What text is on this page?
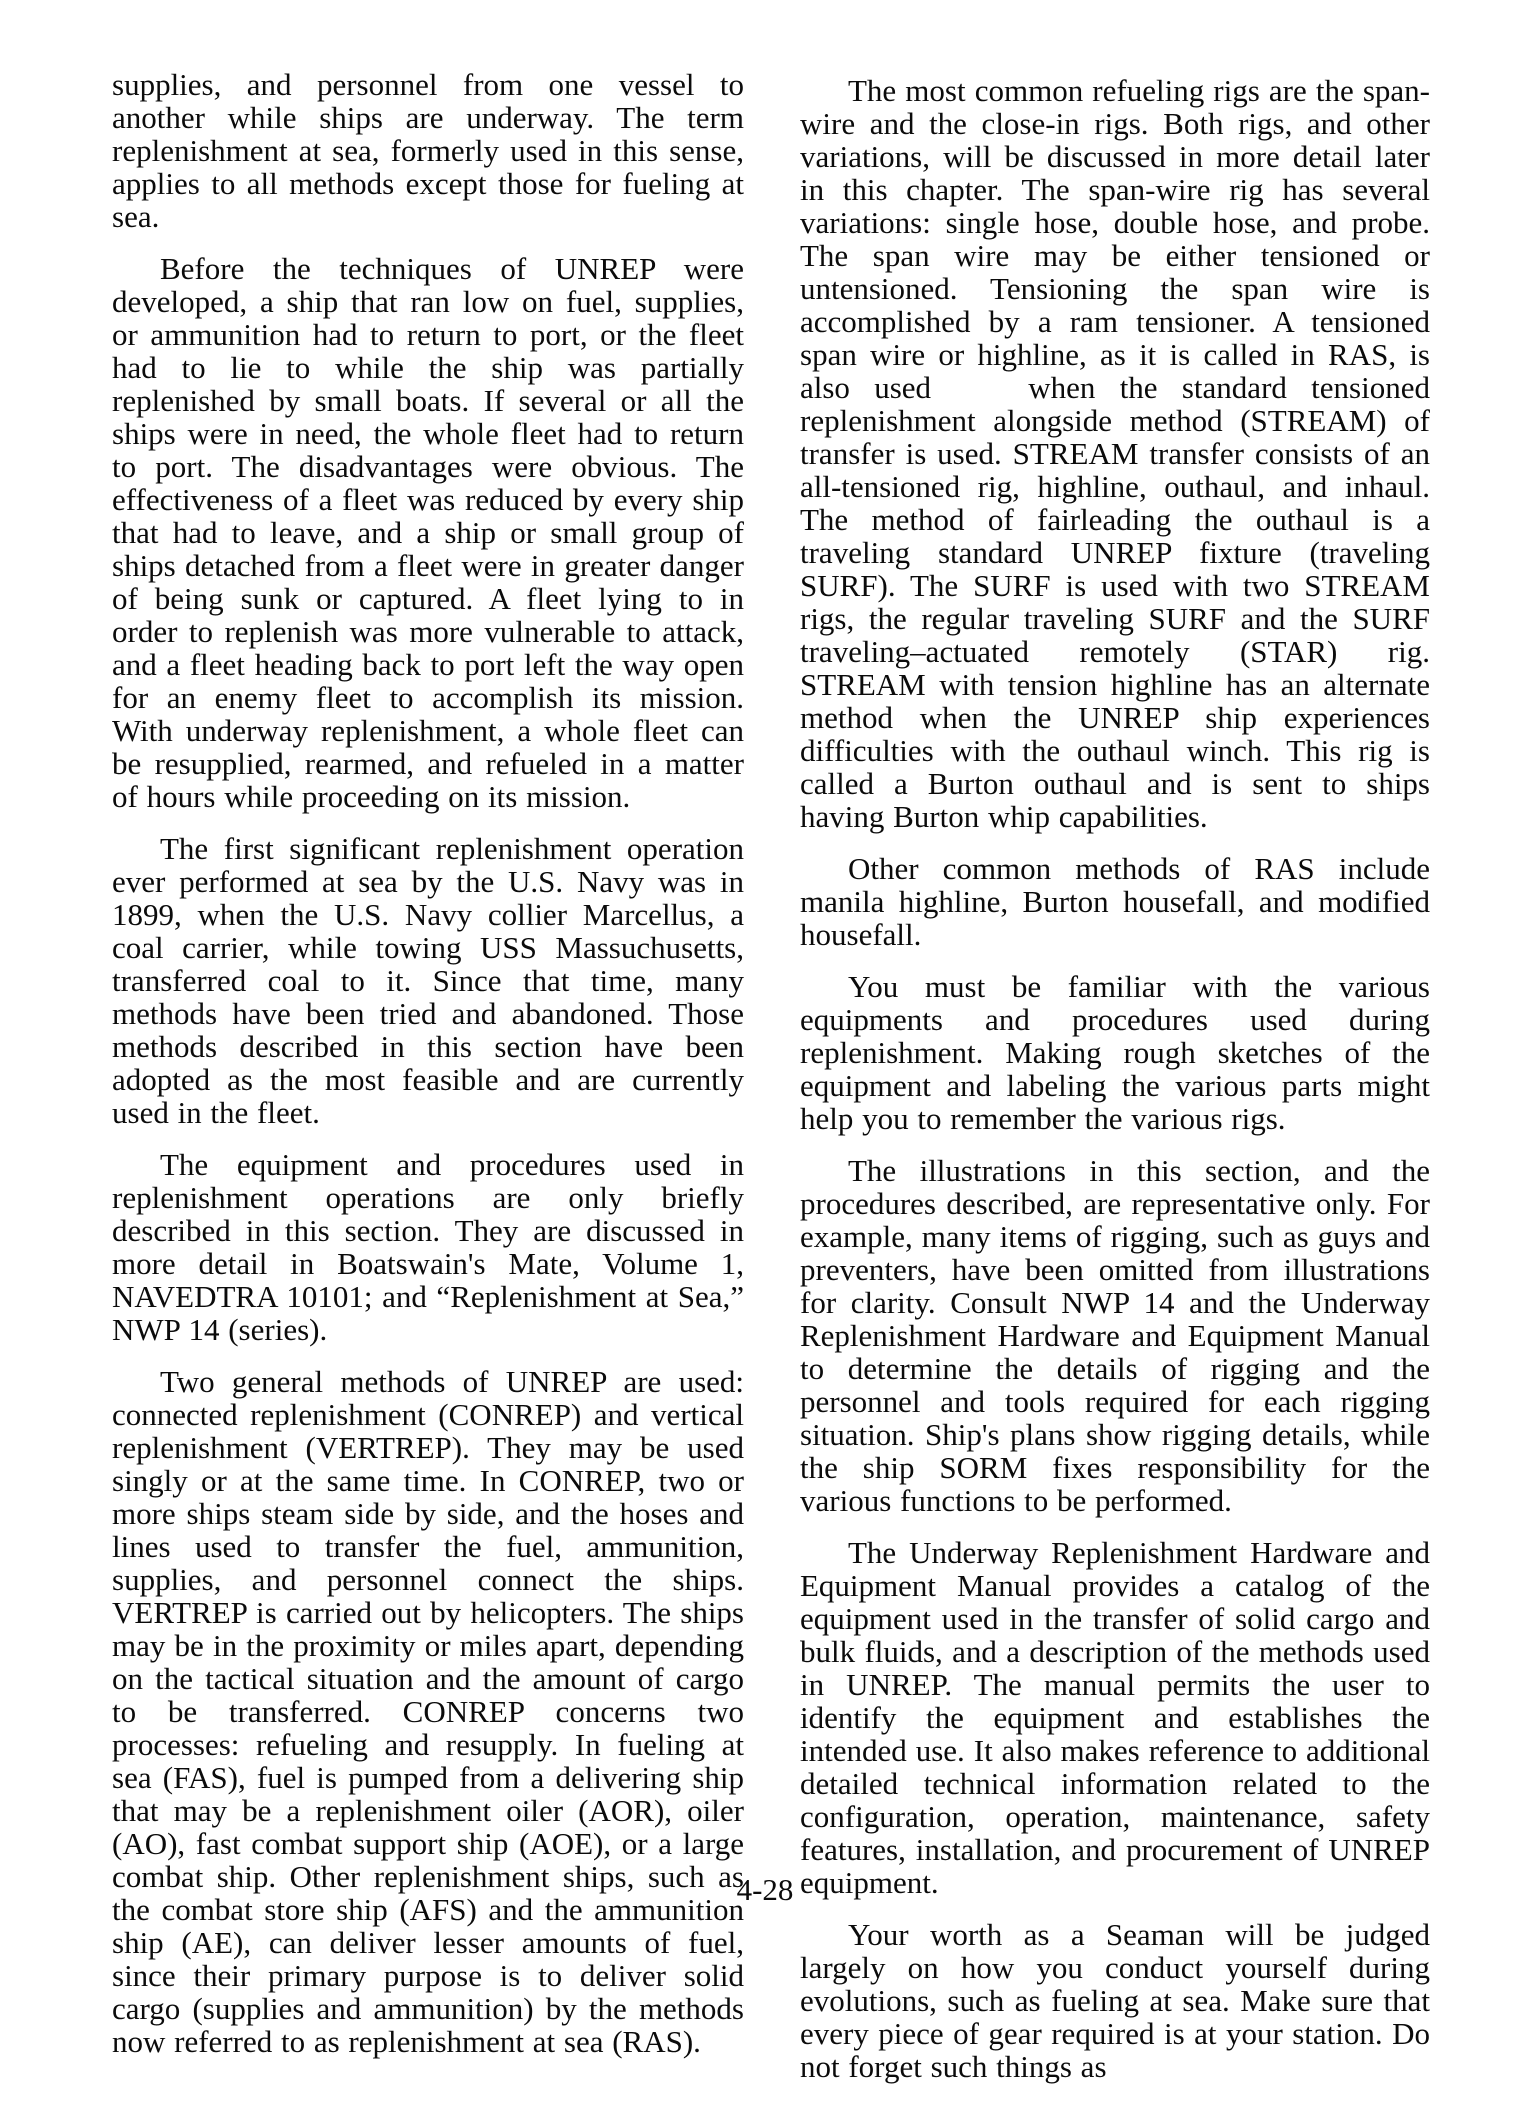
supplies, and personnel from one vessel to another while ships are underway. The term replenishment at sea, formerly used in this sense, applies to all methods except those for fueling at sea.

Before the techniques of UNREP were developed, a ship that ran low on fuel, supplies, or ammunition had to return to port, or the fleet had to lie to while the ship was partially replenished by small boats. If several or all the ships were in need, the whole fleet had to return to port. The disadvantages were obvious. The effectiveness of a fleet was reduced by every ship that had to leave, and a ship or small group of ships detached from a fleet were in greater danger of being sunk or captured. A fleet lying to in order to replenish was more vulnerable to attack, and a fleet heading back to port left the way open for an enemy fleet to accomplish its mission. With underway replenishment, a whole fleet can be resupplied, rearmed, and refueled in a matter of hours while proceeding on its mission.

The first significant replenishment operation ever performed at sea by the U.S. Navy was in 1899, when the U.S. Navy collier Marcellus, a coal carrier, while towing USS Massuchusetts, transferred coal to it. Since that time, many methods have been tried and abandoned. Those methods described in this section have been adopted as the most feasible and are currently used in the fleet.

The equipment and procedures used in replenishment operations are only briefly described in this section. They are discussed in more detail in Boatswain's Mate, Volume 1, NAVEDTRA 10101; and “Replenishment at Sea,” NWP 14 (series).

Two general methods of UNREP are used: connected replenishment (CONREP) and vertical replenishment (VERTREP). They may be used singly or at the same time. In CONREP, two or more ships steam side by side, and the hoses and lines used to transfer the fuel, ammunition, supplies, and personnel connect the ships. VERTREP is carried out by helicopters. The ships may be in the proximity or miles apart, depending on the tactical situation and the amount of cargo to be transferred. CONREP concerns two processes: refueling and resupply. In fueling at sea (FAS), fuel is pumped from a delivering ship that may be a replenishment oiler (AOR), oiler (AO), fast combat support ship (AOE), or a large combat ship. Other replenishment ships, such as the combat store ship (AFS) and the ammunition ship (AE), can deliver lesser amounts of fuel, since their primary purpose is to deliver solid cargo (supplies and ammunition) by the methods now referred to as replenishment at sea (RAS).

The most common refueling rigs are the span-wire and the close-in rigs. Both rigs, and other variations, will be discussed in more detail later in this chapter. The span-wire rig has several variations: single hose, double hose, and probe. The span wire may be either tensioned or untensioned. Tensioning the span wire is accomplished by a ram tensioner. A tensioned span wire or highline, as it is called in RAS, is also used    when the standard tensioned replenishment alongside method (STREAM) of transfer is used. STREAM transfer consists of an all-tensioned rig, highline, outhaul, and inhaul. The method of fairleading the outhaul is a traveling standard UNREP fixture (traveling SURF). The SURF is used with two STREAM rigs, the regular traveling SURF and the SURF traveling–actuated remotely (STAR) rig. STREAM with tension highline has an alternate method when the UNREP ship experiences difficulties with the outhaul winch. This rig is called a Burton outhaul and is sent to ships having Burton whip capabilities.

Other common methods of RAS include manila highline, Burton housefall, and modified housefall.

You must be familiar with the various equipments and procedures used during replenishment. Making rough sketches of the equipment and labeling the various parts might help you to remember the various rigs.

The illustrations in this section, and the procedures described, are representative only. For example, many items of rigging, such as guys and preventers, have been omitted from illustrations for clarity. Consult NWP 14 and the Underway Replenishment Hardware and Equipment Manual to determine the details of rigging and the personnel and tools required for each rigging situation. Ship's plans show rigging details, while the ship SORM fixes responsibility for the various functions to be performed.

The Underway Replenishment Hardware and Equipment Manual provides a catalog of the equipment used in the transfer of solid cargo and bulk fluids, and a description of the methods used in UNREP. The manual permits the user to identify the equipment and establishes the intended use. It also makes reference to additional detailed technical information related to the configuration, operation, maintenance, safety features, installation, and procurement of UNREP equipment.

Your worth as a Seaman will be judged largely on how you conduct yourself during evolutions, such as fueling at sea. Make sure that every piece of gear required is at your station. Do not forget such things as

4-28
